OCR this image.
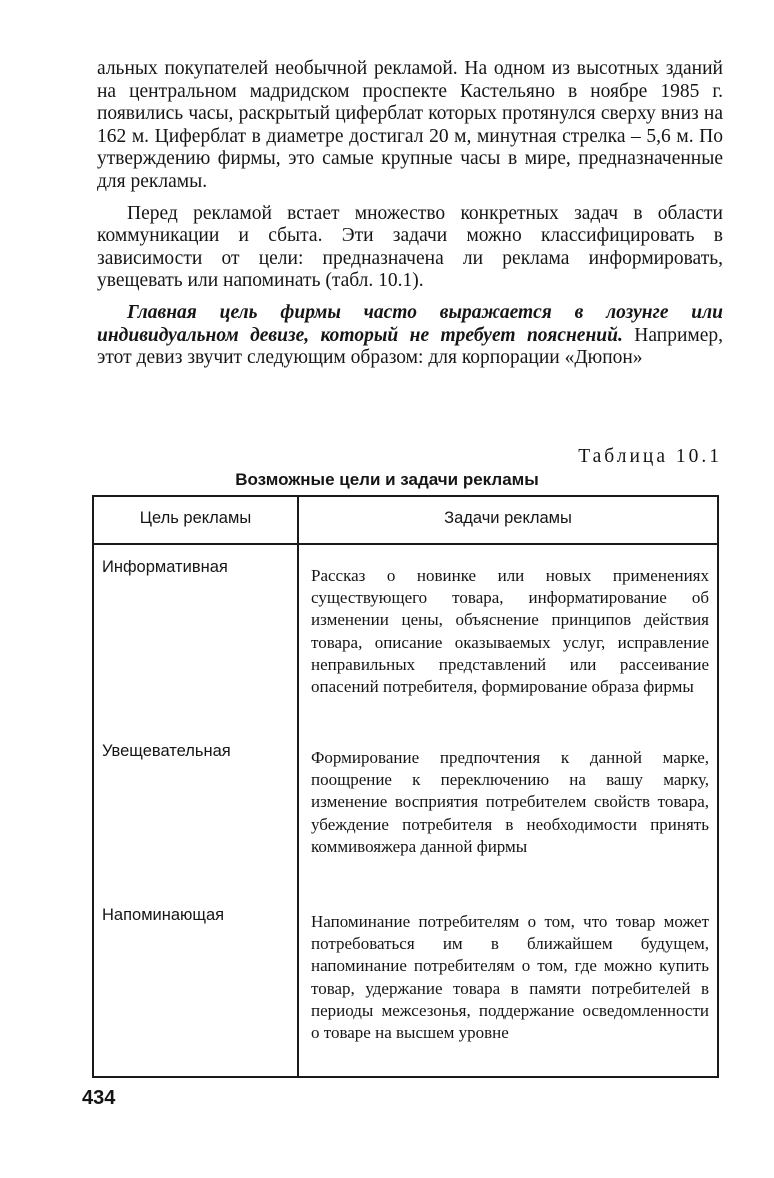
альных покупателей необычной рекламой. На одном из высотных зданий на центральном мадридском проспекте Кастельяно в ноябре 1985 г. появились часы, раскрытый циферблат которых протянулся сверху вниз на 162 м. Циферблат в диаметре достигал 20 м, минутная стрелка – 5,6 м. По утверждению фирмы, это самые крупные часы в мире, предназначенные для рекламы.

Перед рекламой встает множество конкретных задач в области коммуникации и сбыта. Эти задачи можно классифицировать в зависимости от цели: предназначена ли реклама информировать, увещевать или напоминать (табл. 10.1).

Главная цель фирмы часто выражается в лозунге или индивидуальном девизе, который не требует пояснений. Например, этот девиз звучит следующим образом: для корпорации «Дюпон»

Таблица 10.1
Возможные цели и задачи рекламы
Цель рекламы	Задачи рекламы
Информативная	Рассказ о новинке или новых применениях существующего товара, информатирование об изменении цены, объяснение принципов действия товара, описание оказываемых услуг, исправление неправильных представлений или рассеивание опасений потребителя, формирование образа фирмы
Увещевательная	Формирование предпочтения к данной марке, поощрение к переключению на вашу марку, изменение восприятия потребителем свойств товара, убеждение потребителя в необходимости принять коммивояжера данной фирмы
Напоминающая	Напоминание потребителям о том, что товар может потребоваться им в ближайшем будущем, напоминание потребителям о том, где можно купить товар, удержание товара в памяти потребителей в периоды межсезонья, поддержание осведомленности о товаре на высшем уровне
434
